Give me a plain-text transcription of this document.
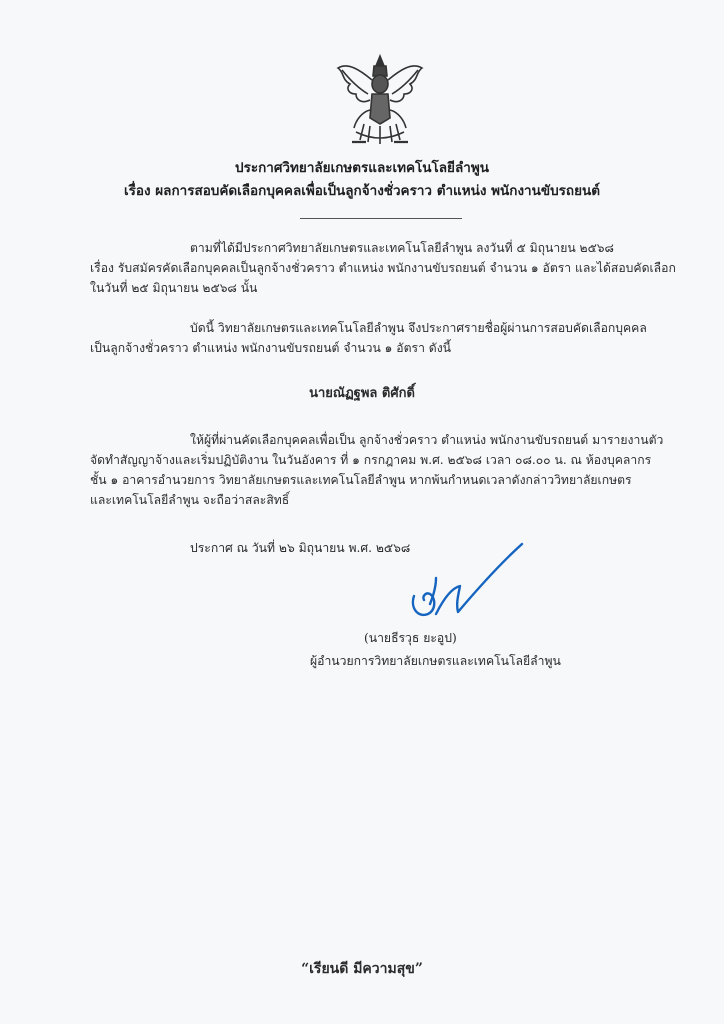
ประกาศวิทยาลัยเกษตรและเทคโนโลยีลำพูน
เรื่อง ผลการสอบคัดเลือกบุคคลเพื่อเป็นลูกจ้างชั่วคราว ตำแหน่ง พนักงานขับรถยนต์
ตามที่ได้มีประกาศวิทยาลัยเกษตรและเทคโนโลยีลำพูน ลงวันที่ ๕ มิถุนายน ๒๕๖๘
เรื่อง รับสมัครคัดเลือกบุคคลเป็นลูกจ้างชั่วคราว ตำแหน่ง พนักงานขับรถยนต์ จำนวน ๑ อัตรา และได้สอบคัดเลือก
ในวันที่ ๒๕ มิถุนายน ๒๕๖๘ นั้น
บัดนี้ วิทยาลัยเกษตรและเทคโนโลยีลำพูน จึงประกาศรายชื่อผู้ผ่านการสอบคัดเลือกบุคคล
เป็นลูกจ้างชั่วคราว ตำแหน่ง พนักงานขับรถยนต์ จำนวน ๑ อัตรา ดังนี้
นายณัฏฐพล ติศักดิ์
ให้ผู้ที่ผ่านคัดเลือกบุคคลเพื่อเป็น ลูกจ้างชั่วคราว ตำแหน่ง พนักงานขับรถยนต์ มารายงานตัว
จัดทำสัญญาจ้างและเริ่มปฏิบัติงาน ในวันอังคาร ที่ ๑ กรกฎาคม พ.ศ. ๒๕๖๘ เวลา ๐๘.๐๐ น. ณ ห้องบุคลากร
ชั้น ๑ อาคารอำนวยการ วิทยาลัยเกษตรและเทคโนโลยีลำพูน หากพ้นกำหนดเวลาดังกล่าววิทยาลัยเกษตร
และเทคโนโลยีลำพูน จะถือว่าสละสิทธิ์
ประกาศ ณ วันที่ ๒๖ มิถุนายน พ.ศ. ๒๕๖๘
(นายธีรวุธ ยะอูป)
ผู้อำนวยการวิทยาลัยเกษตรและเทคโนโลยีลำพูน
“เรียนดี มีความสุข”
